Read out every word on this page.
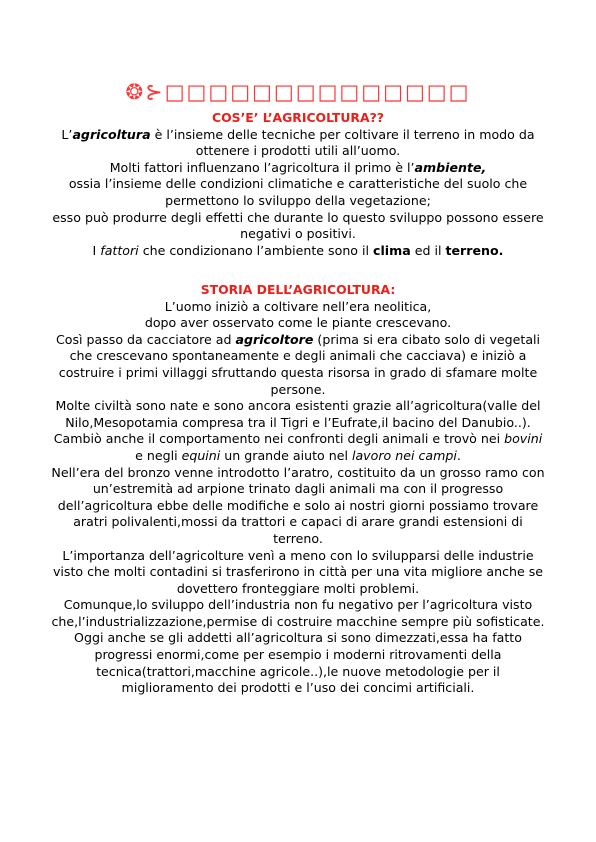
❂⊱□□□□□□□□□□□□□□
COS’E’ L’AGRICOLTURA??
L’agricoltura è l’insieme delle tecniche per coltivare il terreno in modo da
ottenere i prodotti utili all’uomo.
Molti fattori influenzano l’agricoltura il primo è l’ambiente,
ossia l’insieme delle condizioni climatiche e caratteristiche del suolo che
permettono lo sviluppo della vegetazione;
esso può produrre degli effetti che durante lo questo sviluppo possono essere
negativi o positivi.
I fattori che condizionano l’ambiente sono il clima ed il terreno.
STORIA DELL’AGRICOLTURA:
L’uomo iniziò a coltivare nell’era neolitica,
dopo aver osservato come le piante crescevano.
Così passo da cacciatore ad agricoltore (prima si era cibato solo di vegetali
che crescevano spontaneamente e degli animali che cacciava) e iniziò a
costruire i primi villaggi sfruttando questa risorsa in grado di sfamare molte
persone.
Molte civiltà sono nate e sono ancora esistenti grazie all’agricoltura(valle del
Nilo,Mesopotamia compresa tra il Tigri e l’Eufrate,il bacino del Danubio..).
Cambiò anche il comportamento nei confronti degli animali e trovò nei bovini
e negli equini un grande aiuto nel lavoro nei campi.
Nell’era del bronzo venne introdotto l’aratro, costituito da un grosso ramo con
un’estremità ad arpione trinato dagli animali ma con il progresso
dell’agricoltura ebbe delle modifiche e solo ai nostri giorni possiamo trovare
aratri polivalenti,mossi da trattori e capaci di arare grandi estensioni di
terreno.
L’importanza dell’agricolture venì a meno con lo svilupparsi delle industrie
visto che molti contadini si trasferirono in città per una vita migliore anche se
dovettero fronteggiare molti problemi.
Comunque,lo sviluppo dell’industria non fu negativo per l’agricoltura visto
che,l’industrializzazione,permise di costruire macchine sempre più sofisticate.
Oggi anche se gli addetti all’agricoltura si sono dimezzati,essa ha fatto
progressi enormi,come per esempio i moderni ritrovamenti della
tecnica(trattori,macchine agricole..),le nuove metodologie per il
miglioramento dei prodotti e l’uso dei concimi artificiali.
